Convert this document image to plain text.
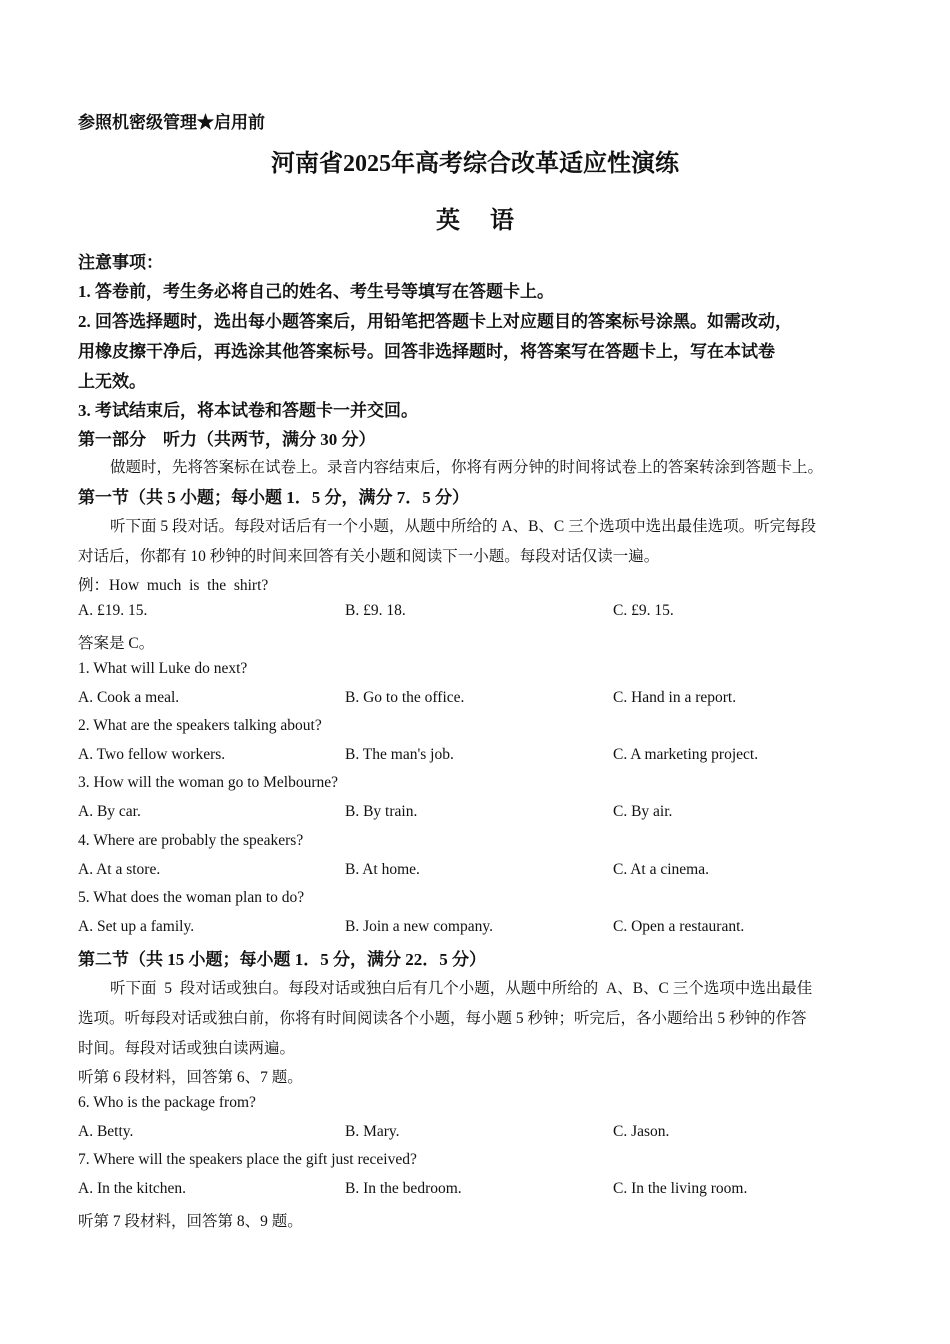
参照机密级管理★启用前
河南省2025年高考综合改革适应性演练
英语
注意事项：
1. 答卷前，考生务必将自己的姓名、考生号等填写在答题卡上。
2. 回答选择题时，选出每小题答案后，用铅笔把答题卡上对应题目的答案标号涂黑。如需改动，
用橡皮擦干净后，再选涂其他答案标号。回答非选择题时，将答案写在答题卡上，写在本试卷
上无效。
3. 考试结束后，将本试卷和答题卡一并交回。
第一部分    听力（共两节，满分 30 分）
做题时，先将答案标在试卷上。录音内容结束后，你将有两分钟的时间将试卷上的答案转涂到答题卡上。
第一节（共 5 小题；每小题 1．5 分，满分 7．5 分）
听下面 5 段对话。每段对话后有一个小题，从题中所给的 A、B、C 三个选项中选出最佳选项。听完每段
对话后，你都有 10 秒钟的时间来回答有关小题和阅读下一小题。每段对话仅读一遍。
例：How  much  is  the  shirt?
A. £19. 15.	B. £9. 18.	C. £9. 15.
答案是 C。
1. What will Luke do next?
A. Cook a meal.	B. Go to the office.	C. Hand in a report.
2. What are the speakers talking about?
A. Two fellow workers.	B. The man's job.	C. A marketing project.
3. How will the woman go to Melbourne?
A. By car.	B. By train.	C. By air.
4. Where are probably the speakers?
A. At a store.	B. At home.	C. At a cinema.
5. What does the woman plan to do?
A. Set up a family.	B. Join a new company.	C. Open a restaurant.
第二节（共 15 小题；每小题 1．5 分，满分 22．5 分）
听下面  5  段对话或独白。每段对话或独白后有几个小题，从题中所给的  A、B、C 三个选项中选出最佳
选项。听每段对话或独白前，你将有时间阅读各个小题，每小题 5 秒钟；听完后，各小题给出 5 秒钟的作答
时间。每段对话或独白读两遍。
听第 6 段材料，回答第 6、7 题。
6. Who is the package from?
A. Betty.	B. Mary.	C. Jason.
7. Where will the speakers place the gift just received?
A. In the kitchen.	B. In the bedroom.	C. In the living room.
听第 7 段材料，回答第 8、9 题。
